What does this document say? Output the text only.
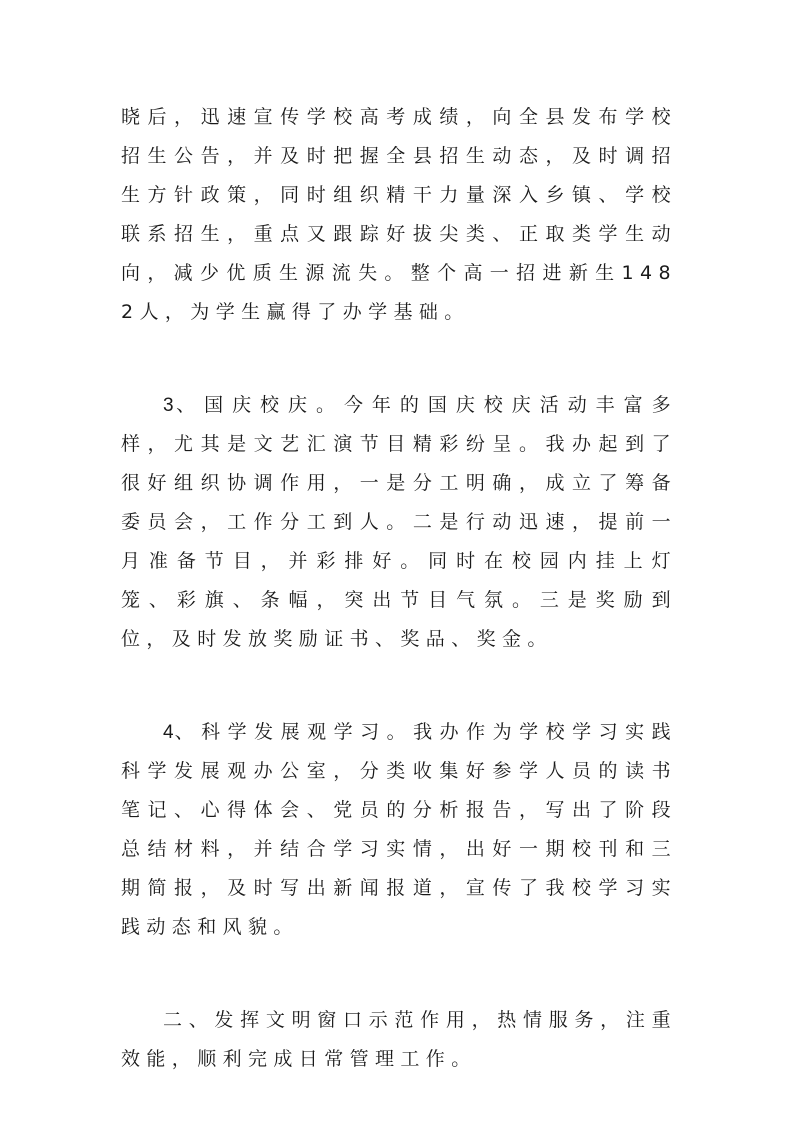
晓后，迅速宣传学校高考成绩，向全县发布学校招生公告，并及时把握全县招生动态，及时调招生方针政策，同时组织精干力量深入乡镇、学校联系招生，重点又跟踪好拔尖类、正取类学生动向，减少优质生源流失。整个高一招进新生1482人，为学生赢得了办学基础。

3、国庆校庆。今年的国庆校庆活动丰富多样，尤其是文艺汇演节目精彩纷呈。我办起到了很好组织协调作用，一是分工明确，成立了筹备委员会，工作分工到人。二是行动迅速，提前一月准备节目，并彩排好。同时在校园内挂上灯笼、彩旗、条幅，突出节目气氛。三是奖励到位，及时发放奖励证书、奖品、奖金。

4、科学发展观学习。我办作为学校学习实践科学发展观办公室，分类收集好参学人员的读书笔记、心得体会、党员的分析报告，写出了阶段总结材料，并结合学习实情，出好一期校刊和三期简报，及时写出新闻报道，宣传了我校学习实践动态和风貌。

二、发挥文明窗口示范作用，热情服务，注重效能，顺利完成日常管理工作。
